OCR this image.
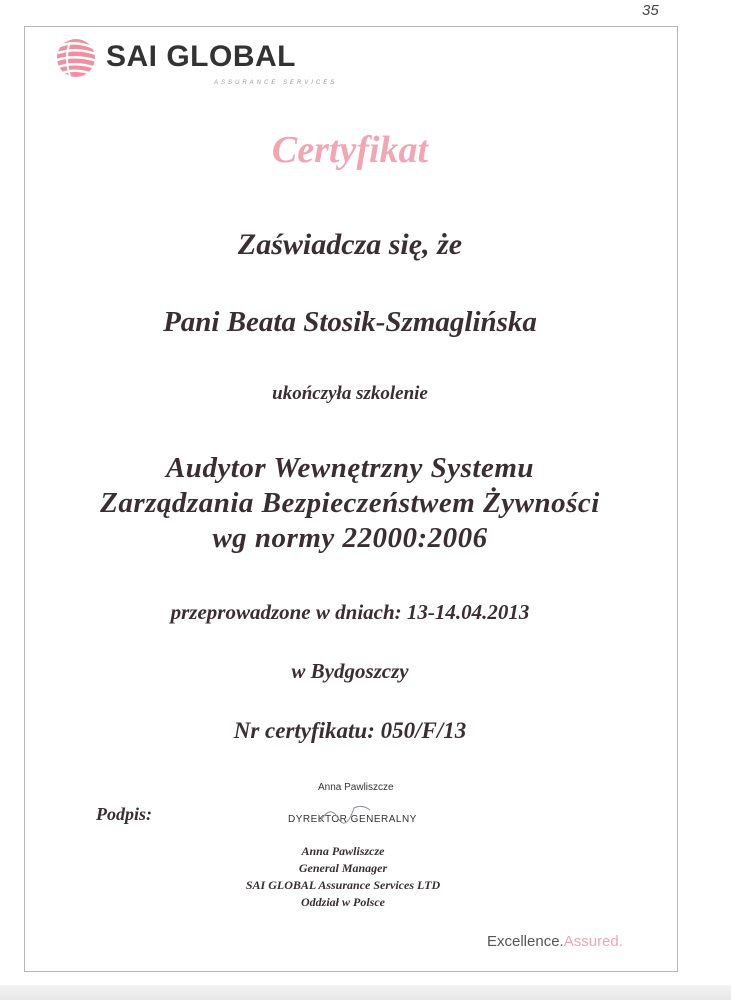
35
SAI GLOBAL
ASSURANCE SERVICES
Certyfikat
Zaświadcza się, że
Pani Beata Stosik-Szmaglińska
ukończyła szkolenie
Audytor Wewnętrzny Systemu
Zarządzania Bezpieczeństwem Żywności
wg normy 22000:2006
przeprowadzone w dniach: 13-14.04.2013
w Bydgoszczy
Nr certyfikatu: 050/F/13
Anna Pawliszcze
Podpis:	DYREKTOR GENERALNY
Anna Pawliszcze
General Manager
SAI GLOBAL Assurance Services LTD
Oddział w Polsce
Excellence.Assured.
